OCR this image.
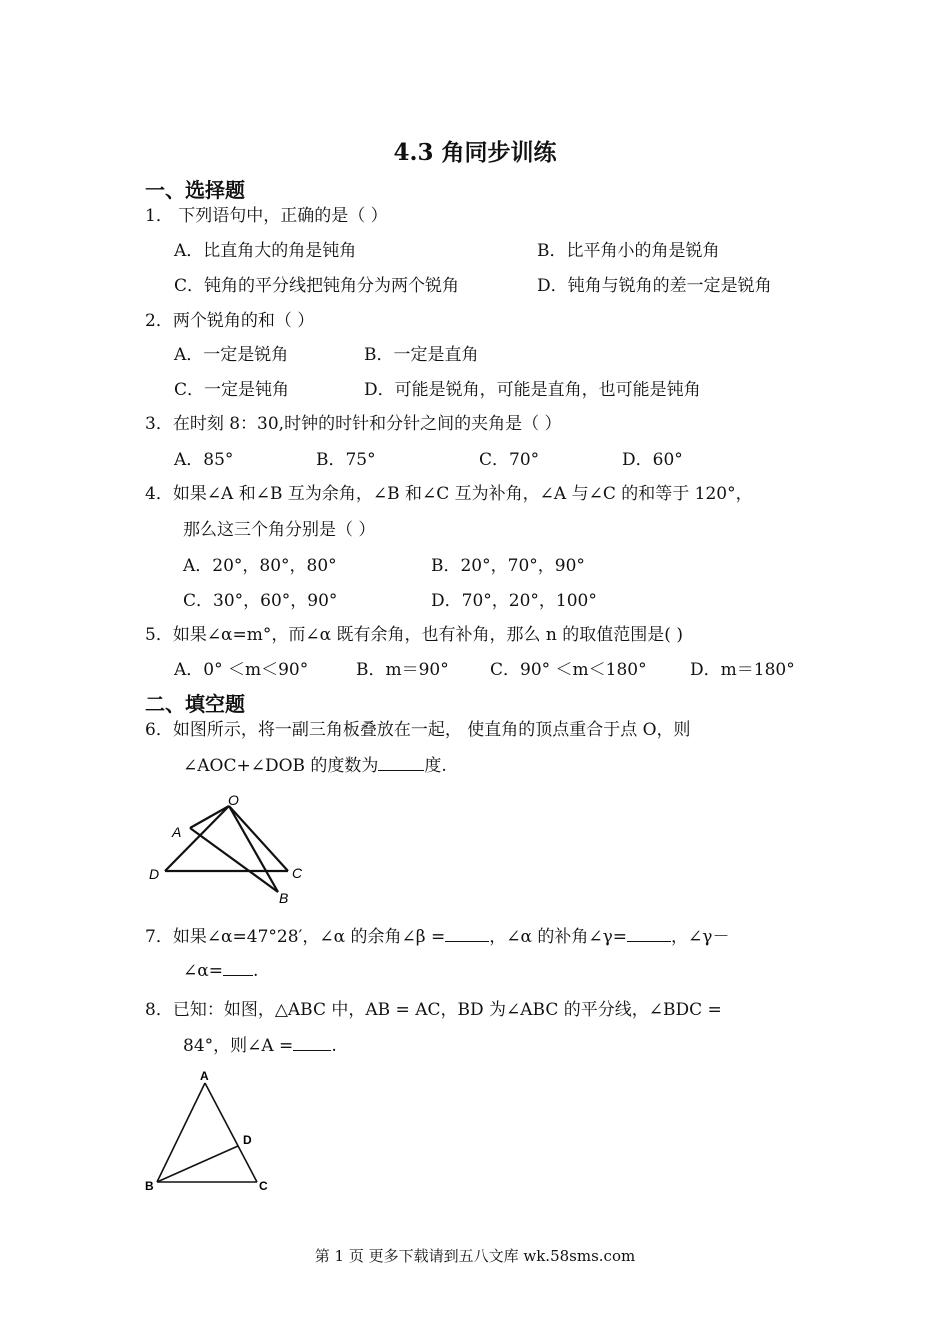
4.3 角同步训练
一、选择题
1． 下列语句中，正确的是（ ）
A．比直角大的角是钝角	B．比平角小的角是锐角
C．钝角的平分线把钝角分为两个锐角	D．钝角与锐角的差一定是锐角
2．两个锐角的和（ ）
A．一定是锐角	B．一定是直角
C．一定是钝角	D．可能是锐角，可能是直角，也可能是钝角
3．在时刻 8：30,时钟的时针和分针之间的夹角是（ ）
A．85°	B．75°	C．70°	D．60°
4．如果∠A 和∠B 互为余角，∠B 和∠C 互为补角，∠A 与∠C 的和等于 120°，
那么这三个角分别是（ ）
A．20°，80°，80°	B．20°，70°，90°
C．30°，60°，90°	D．70°，20°，100°
5．如果∠α=m°，而∠α 既有余角，也有补角，那么 n 的取值范围是( )
A．0° ＜m＜90°	B．m＝90° C．90° ＜m＜180°	D．m＝180°
二、填空题
6．如图所示，将一副三角板叠放在一起， 使直角的顶点重合于点 O，则
∠AOC+∠DOB 的度数为	度.
O
A
D	C
B
7．如果∠α=47°28′，∠α 的余角∠β =	，∠α 的补角∠γ=	，∠γ－
∠α= .
8．已知：如图，△ABC 中，AB = AC，BD 为∠ABC 的平分线，∠BDC =
84°，则∠A = .
A
B	C
D
第 1 页 更多下载请到五八文库 wk.58sms.com
